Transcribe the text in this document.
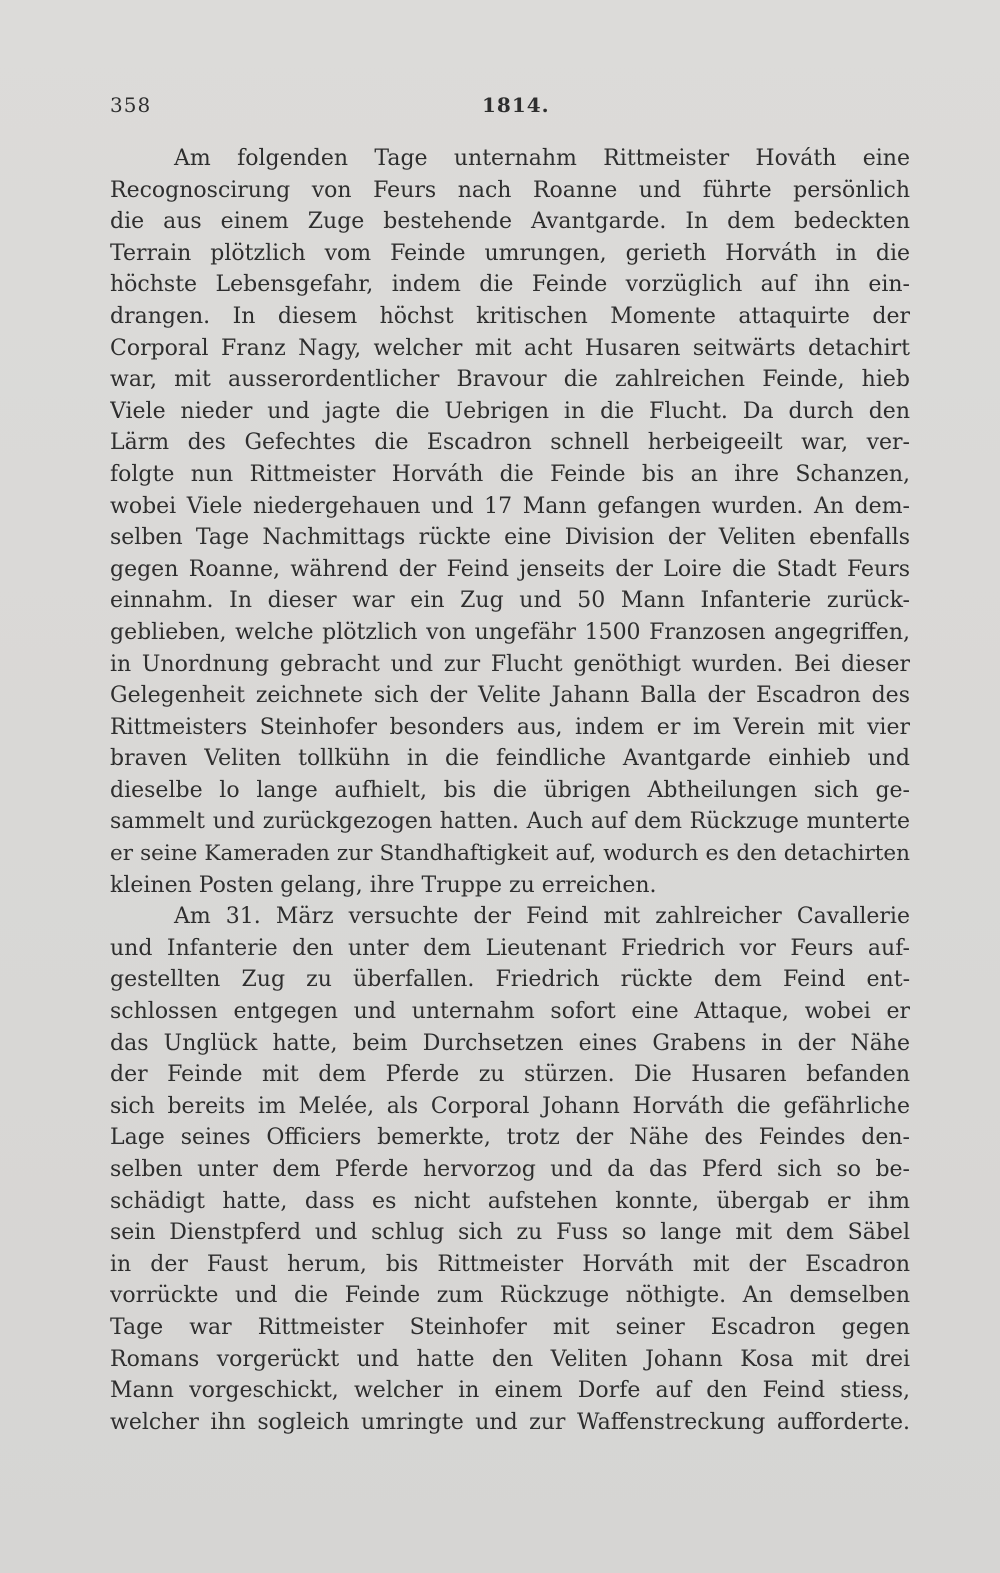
358	1814.
Am folgenden Tage unternahm Rittmeister Hováth eine
Recognoscirung von Feurs nach Roanne und führte persönlich
die aus einem Zuge bestehende Avantgarde. In dem bedeckten
Terrain plötzlich vom Feinde umrungen, gerieth Horváth in die
höchste Lebensgefahr, indem die Feinde vorzüglich auf ihn ein-
drangen. In diesem höchst kritischen Momente attaquirte der
Corporal Franz Nagy, welcher mit acht Husaren seitwärts detachirt
war, mit ausserordentlicher Bravour die zahlreichen Feinde, hieb
Viele nieder und jagte die Uebrigen in die Flucht. Da durch den
Lärm des Gefechtes die Escadron schnell herbeigeeilt war, ver-
folgte nun Rittmeister Horváth die Feinde bis an ihre Schanzen,
wobei Viele niedergehauen und 17 Mann gefangen wurden. An dem-
selben Tage Nachmittags rückte eine Division der Veliten ebenfalls
gegen Roanne, während der Feind jenseits der Loire die Stadt Feurs
einnahm. In dieser war ein Zug und 50 Mann Infanterie zurück-
geblieben, welche plötzlich von ungefähr 1500 Franzosen angegriffen,
in Unordnung gebracht und zur Flucht genöthigt wurden. Bei dieser
Gelegenheit zeichnete sich der Velite Jahann Balla der Escadron des
Rittmeisters Steinhofer besonders aus, indem er im Verein mit vier
braven Veliten tollkühn in die feindliche Avantgarde einhieb und
dieselbe lo lange aufhielt, bis die übrigen Abtheilungen sich ge-
sammelt und zurückgezogen hatten. Auch auf dem Rückzuge munterte
er seine Kameraden zur Standhaftigkeit auf, wodurch es den detachirten
kleinen Posten gelang, ihre Truppe zu erreichen.
Am 31. März versuchte der Feind mit zahlreicher Cavallerie
und Infanterie den unter dem Lieutenant Friedrich vor Feurs auf-
gestellten Zug zu überfallen. Friedrich rückte dem Feind ent-
schlossen entgegen und unternahm sofort eine Attaque, wobei er
das Unglück hatte, beim Durchsetzen eines Grabens in der Nähe
der Feinde mit dem Pferde zu stürzen. Die Husaren befanden
sich bereits im Melée, als Corporal Johann Horváth die gefährliche
Lage seines Officiers bemerkte, trotz der Nähe des Feindes den-
selben unter dem Pferde hervorzog und da das Pferd sich so be-
schädigt hatte, dass es nicht aufstehen konnte, übergab er ihm
sein Dienstpferd und schlug sich zu Fuss so lange mit dem Säbel
in der Faust herum, bis Rittmeister Horváth mit der Escadron
vorrückte und die Feinde zum Rückzuge nöthigte. An demselben
Tage war Rittmeister Steinhofer mit seiner Escadron gegen
Romans vorgerückt und hatte den Veliten Johann Kosa mit drei
Mann vorgeschickt, welcher in einem Dorfe auf den Feind stiess,
welcher ihn sogleich umringte und zur Waffenstreckung aufforderte.
